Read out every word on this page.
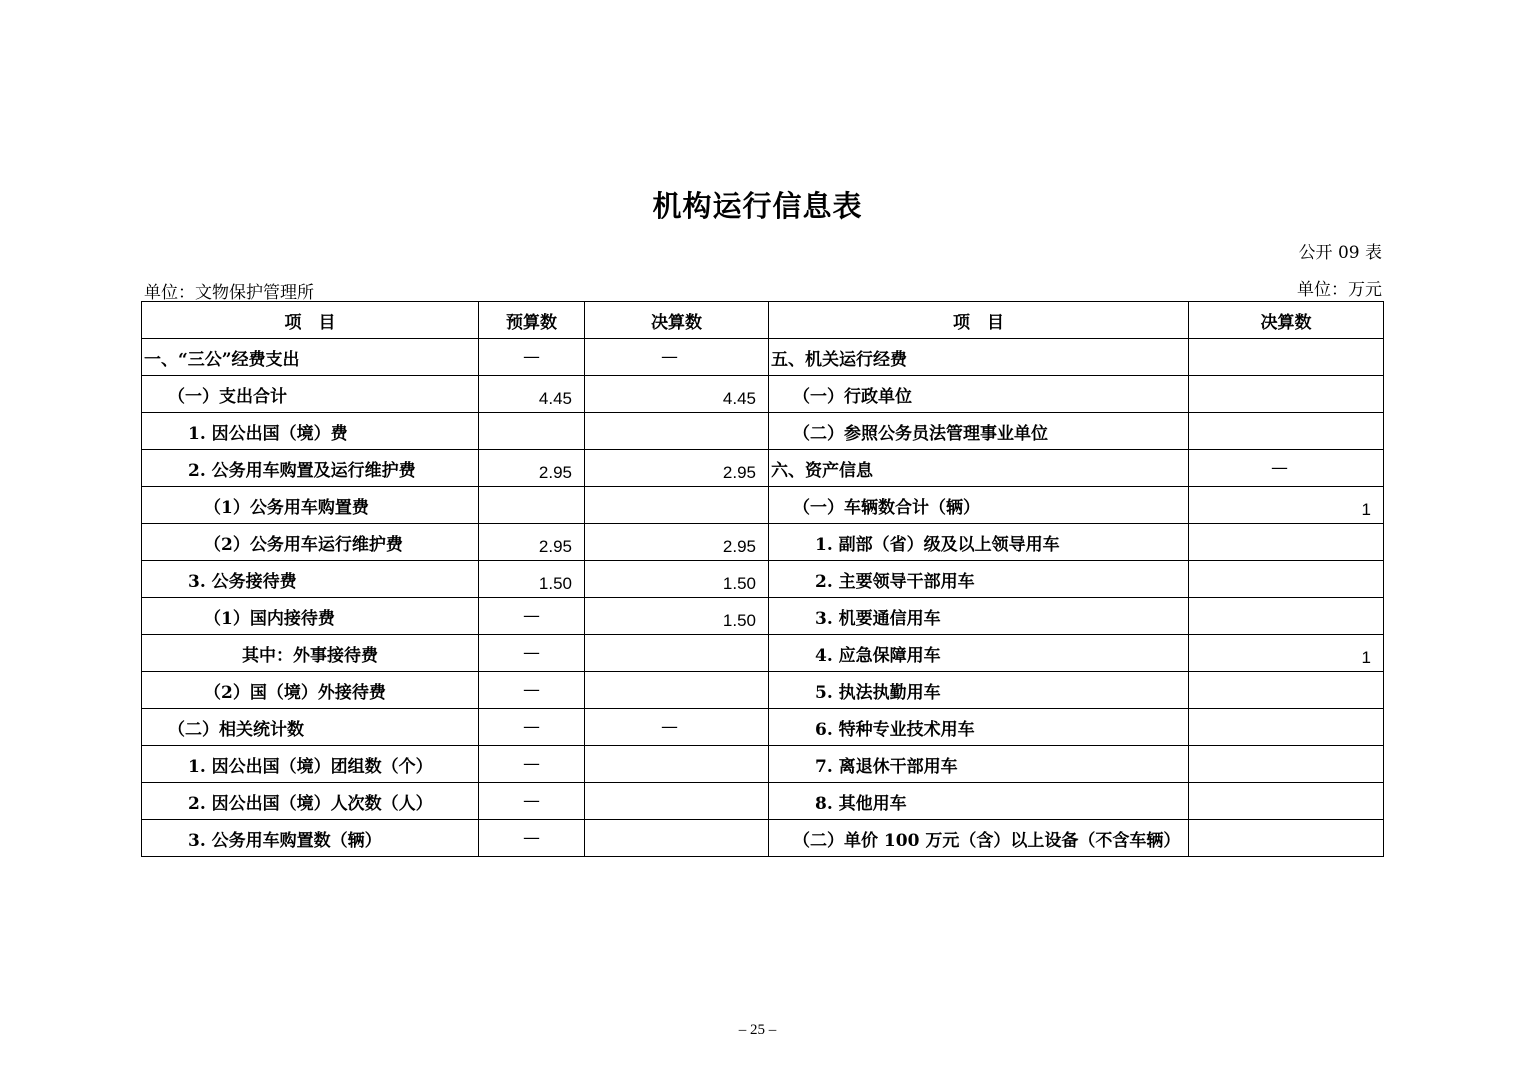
机构运行信息表
公开 09 表
单位：文物保护管理所	单位：万元
项　目	预算数	决算数	项　目	决算数
一、“三公”经费支出	—	—	五、机关运行经费	
（一）支出合计	4.45	4.45	（一）行政单位	
1. 因公出国（境）费			（二）参照公务员法管理事业单位	
2. 公务用车购置及运行维护费	2.95	2.95	六、资产信息	—
（1）公务用车购置费			（一）车辆数合计（辆）	1
（2）公务用车运行维护费	2.95	2.95	1. 副部（省）级及以上领导用车	
3. 公务接待费	1.50	1.50	2. 主要领导干部用车	
（1）国内接待费	—	1.50	3. 机要通信用车	
其中：外事接待费	—		4. 应急保障用车	1
（2）国（境）外接待费	—		5. 执法执勤用车	
（二）相关统计数	—	—	6. 特种专业技术用车	
1. 因公出国（境）团组数（个）	—		7. 离退休干部用车	
2. 因公出国（境）人次数（人）	—		8. 其他用车	
3. 公务用车购置数（辆）	—		（二）单价 100 万元（含）以上设备（不含车辆）	
– 25 –
